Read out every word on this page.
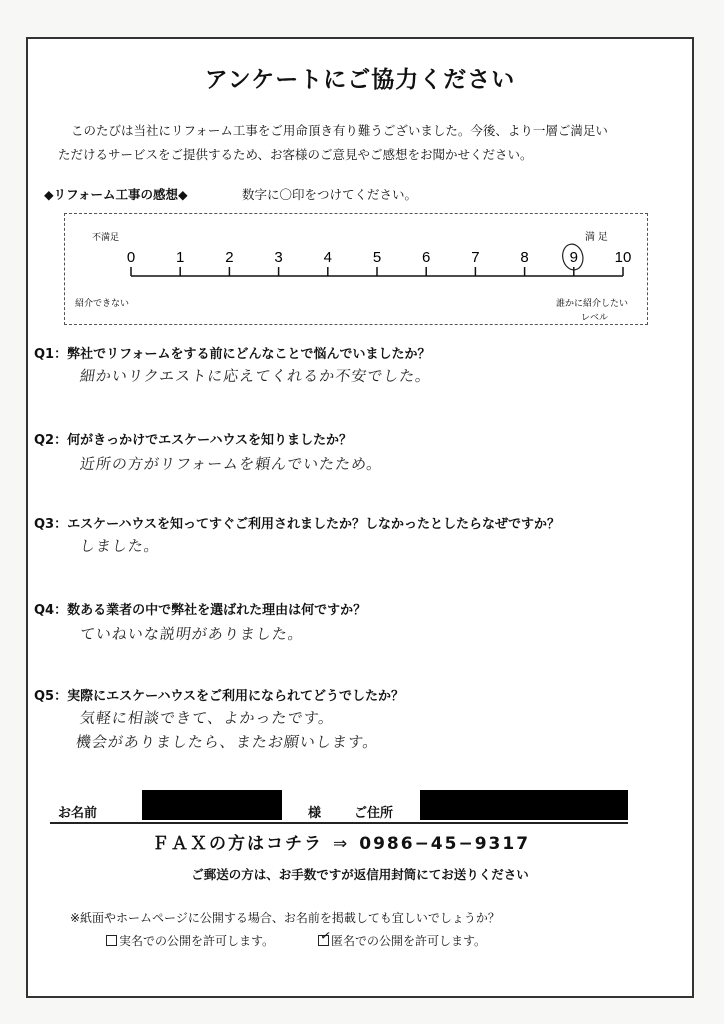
アンケートにご協力ください
このたびは当社にリフォーム工事をご用命頂き有り難うございました。今後、より一層ご満足い
ただけるサービスをご提供するため、お客様のご意見やご感想をお聞かせください。
◆リフォーム工事の感想◆	数字に〇印をつけてください。
不満足	満 足
紹介できない	誰かに紹介したい
レベル
0	1	2	3	4	5	6	7	8	9 10
Q1：弊社でリフォームをする前にどんなことで悩んでいましたか？
細かいリクエストに応えてくれるか不安でした。
Q2：何がきっかけでエスケーハウスを知りましたか？
近所の方がリフォームを頼んでいたため。
Q3：エスケーハウスを知ってすぐご利用されましたか？しなかったとしたらなぜですか？
しました。
Q4：数ある業者の中で弊社を選ばれた理由は何ですか？
ていねいな説明がありました。
Q5：実際にエスケーハウスをご利用になられてどうでしたか？
気軽に相談できて、よかったです。
機会がありましたら、またお願いします。
お名前	様	ご住所
ＦＡＸの方はコチラ ⇒ 0986−45−9317
ご郵送の方は、お手数ですが返信用封筒にてお送りください
※紙面やホームページに公開する場合、お名前を掲載しても宜しいでしょうか？
実名での公開を許可します。	✓
匿名での公開を許可します。
